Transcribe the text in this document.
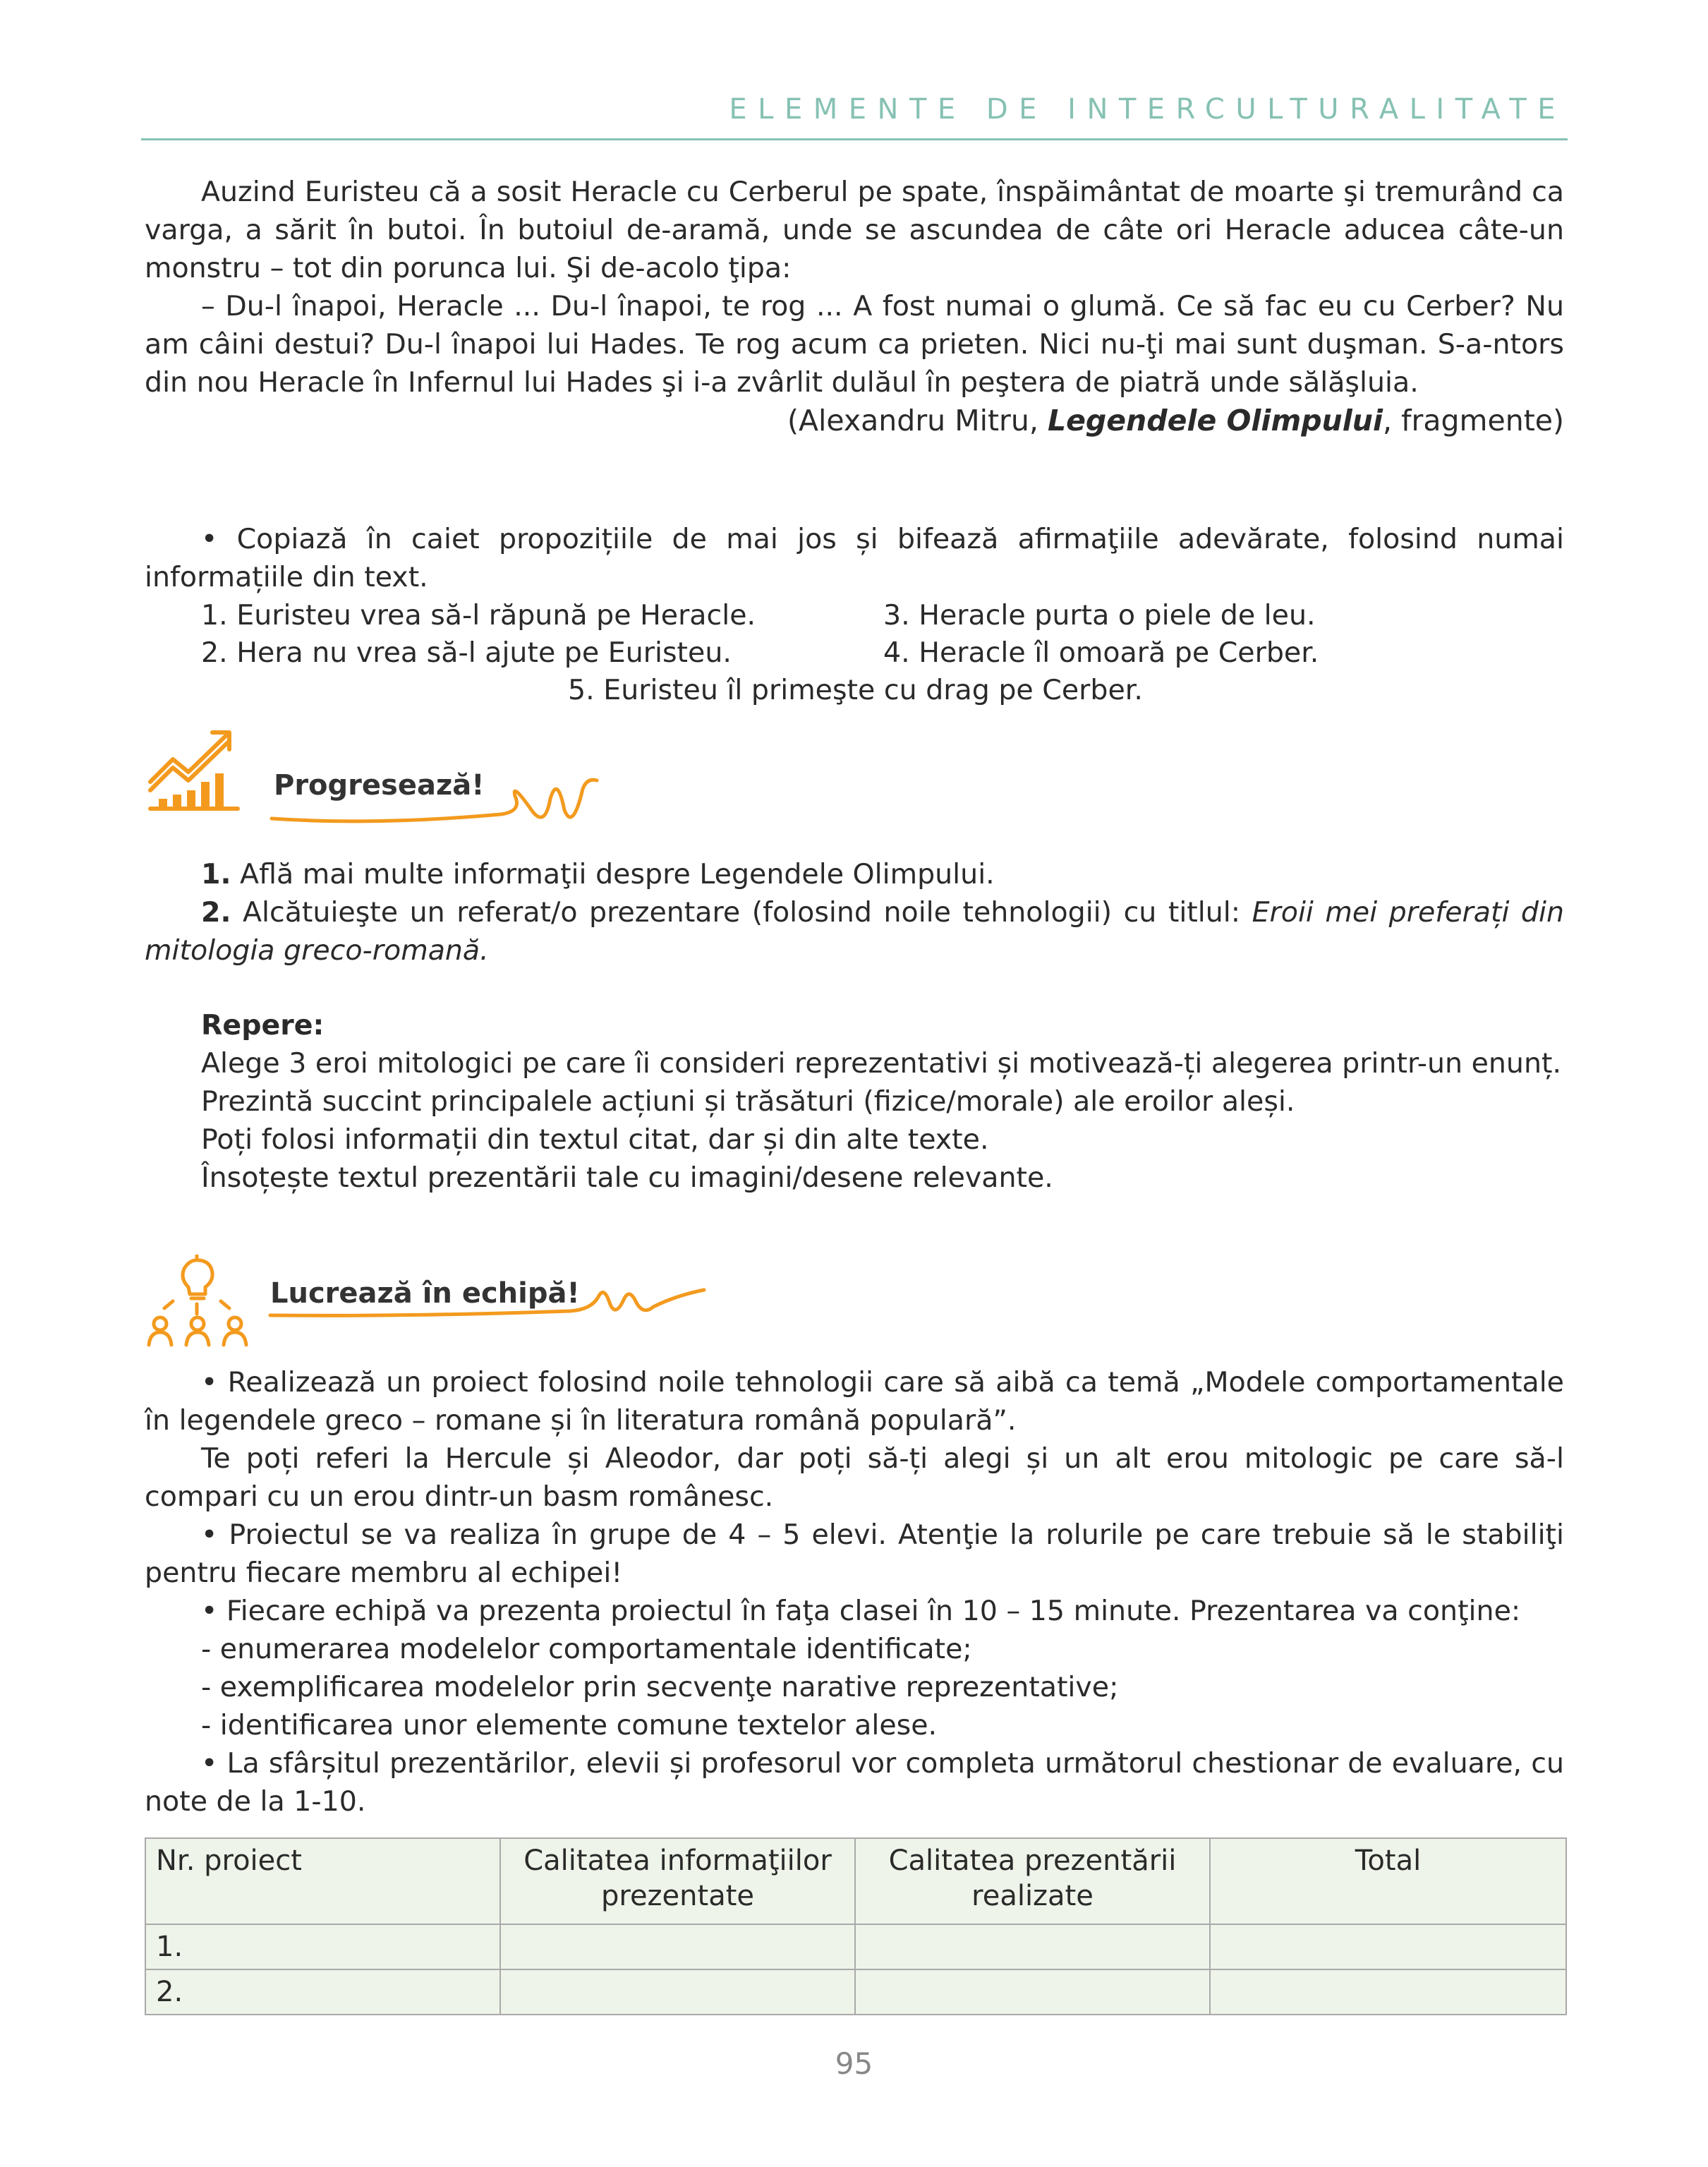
ELEMENTE DE INTERCULTURALITATE

Auzind Euristeu că a sosit Heracle cu Cerberul pe spate, înspăimântat de moarte şi tremurând ca varga, a sărit în butoi. În butoiul de-aramă, unde se ascundea de câte ori Heracle aducea câte-un monstru – tot din porunca lui. Şi de-acolo ţipa:

– Du-l înapoi, Heracle ... Du-l înapoi, te rog ... A fost numai o glumă. Ce să fac eu cu Cerber? Nu am câini destui? Du-l înapoi lui Hades. Te rog acum ca prieten. Nici nu-ţi mai sunt duşman. S-a-ntors din nou Heracle în Infernul lui Hades şi i-a zvârlit dulăul în peştera de piatră unde sălăşluia.

(Alexandru Mitru, Legendele Olimpului, fragmente)

• Copiază în caiet propozițiile de mai jos și bifează afirmaţiile adevărate, folosind numai informațiile din text.

1. Euristeu vrea să-l răpună pe Heracle.
2. Hera nu vrea să-l ajute pe Euristeu.
3. Heracle purta o piele de leu.
4. Heracle îl omoară pe Cerber.
5. Euristeu îl primeşte cu drag pe Cerber.
Progresează!

1. Află mai multe informaţii despre Legendele Olimpului.

2. Alcătuieşte un referat/o prezentare (folosind noile tehnologii) cu titlul: Eroii mei preferați din mitologia greco-romană.

Repere:
Alege 3 eroi mitologici pe care îi consideri reprezentativi și motivează-ți alegerea printr-un enunț.
Prezintă succint principalele acțiuni și trăsături (fizice/morale) ale eroilor aleși.
Poți folosi informații din textul citat, dar și din alte texte.
Însoțește textul prezentării tale cu imagini/desene relevante.
Lucrează în echipă!

• Realizează un proiect folosind noile tehnologii care să aibă ca temă „Modele comportamentale în legendele greco – romane și în literatura română populară”.

Te poți referi la Hercule și Aleodor, dar poți să-ți alegi și un alt erou mitologic pe care să-l compari cu un erou dintr-un basm românesc.

• Proiectul se va realiza în grupe de 4 – 5 elevi. Atenţie la rolurile pe care trebuie să le stabiliţi pentru fiecare membru al echipei!

• Fiecare echipă va prezenta proiectul în faţa clasei în 10 – 15 minute. Prezentarea va conţine:

- enumerarea modelelor comportamentale identificate;

- exemplificarea modelelor prin secvenţe narative reprezentative;

- identificarea unor elemente comune textelor alese.

• La sfârșitul prezentărilor, elevii și profesorul vor completa următorul chestionar de evaluare, cu note de la 1-10.

Nr. proiect	Calitatea informaţiilor prezentate	Calitatea prezentării realizate	Total
1.			
2.			
95
